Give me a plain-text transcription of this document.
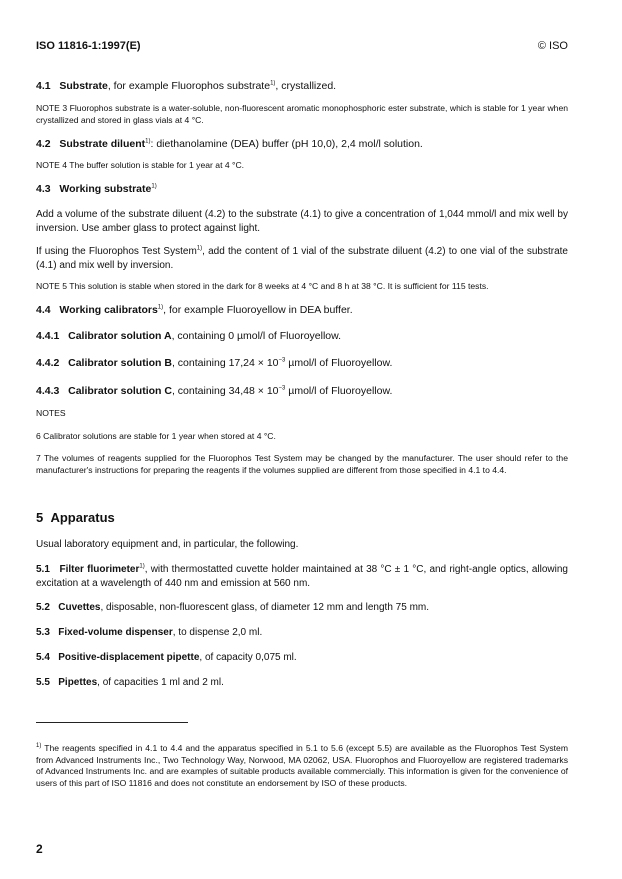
ISO 11816-1:1997(E)	© ISO
4.1 Substrate, for example Fluorophos substrate$^{1)}$, crystallized.
NOTE 3 Fluorophos substrate is a water-soluble, non-fluorescent aromatic monophosphoric ester substrate, which is stable for 1 year when crystallized and stored in glass vials at 4 °C.
4.2 Substrate diluent$^{1)}$: diethanolamine (DEA) buffer (pH 10,0), 2,4 mol/l solution.
NOTE 4 The buffer solution is stable for 1 year at 4 °C.
4.3 Working substrate$^{1)}$
Add a volume of the substrate diluent (4.2) to the substrate (4.1) to give a concentration of 1,044 mmol/l and mix well by inversion. Use amber glass to protect against light.
If using the Fluorophos Test System$^{1)}$, add the content of 1 vial of the substrate diluent (4.2) to one vial of the substrate (4.1) and mix well by inversion.
NOTE 5 This solution is stable when stored in the dark for 8 weeks at 4 °C and 8 h at 38 °C. It is sufficient for 115 tests.
4.4 Working calibrators$^{1)}$, for example Fluoroyellow in DEA buffer.
4.4.1 Calibrator solution A, containing 0 µmol/l of Fluoroyellow.
4.4.2 Calibrator solution B, containing $17,24 \times 10^{-3}$ µmol/l of Fluoroyellow.
4.4.3 Calibrator solution C, containing $34,48 \times 10^{-3}$ µmol/l of Fluoroyellow.
NOTES
6 Calibrator solutions are stable for 1 year when stored at 4 °C.
7 The volumes of reagents supplied for the Fluorophos Test System may be changed by the manufacturer. The user should refer to the manufacturer's instructions for preparing the reagents if the volumes supplied are different from those specified in 4.1 to 4.4.
5 Apparatus
Usual laboratory equipment and, in particular, the following.
5.1 Filter fluorimeter$^{1)}$, with thermostatted cuvette holder maintained at 38 °C ± 1 °C, and right-angle optics, allowing excitation at a wavelength of 440 nm and emission at 560 nm.
5.2 Cuvettes, disposable, non-fluorescent glass, of diameter 12 mm and length 75 mm.
5.3 Fixed-volume dispenser, to dispense 2,0 ml.
5.4 Positive-displacement pipette, of capacity 0,075 ml.
5.5 Pipettes, of capacities 1 ml and 2 ml.
$^{1)}$ The reagents specified in 4.1 to 4.4 and the apparatus specified in 5.1 to 5.6 (except 5.5) are available as the Fluorophos Test System from Advanced Instruments Inc., Two Technology Way, Norwood, MA 02062, USA. Fluorophos and Fluoroyellow are registered trademarks of Advanced Instruments Inc. and are examples of suitable products available commercially. This information is given for the convenience of users of this part of ISO 11816 and does not constitute an endorsement by ISO of these products.
2
